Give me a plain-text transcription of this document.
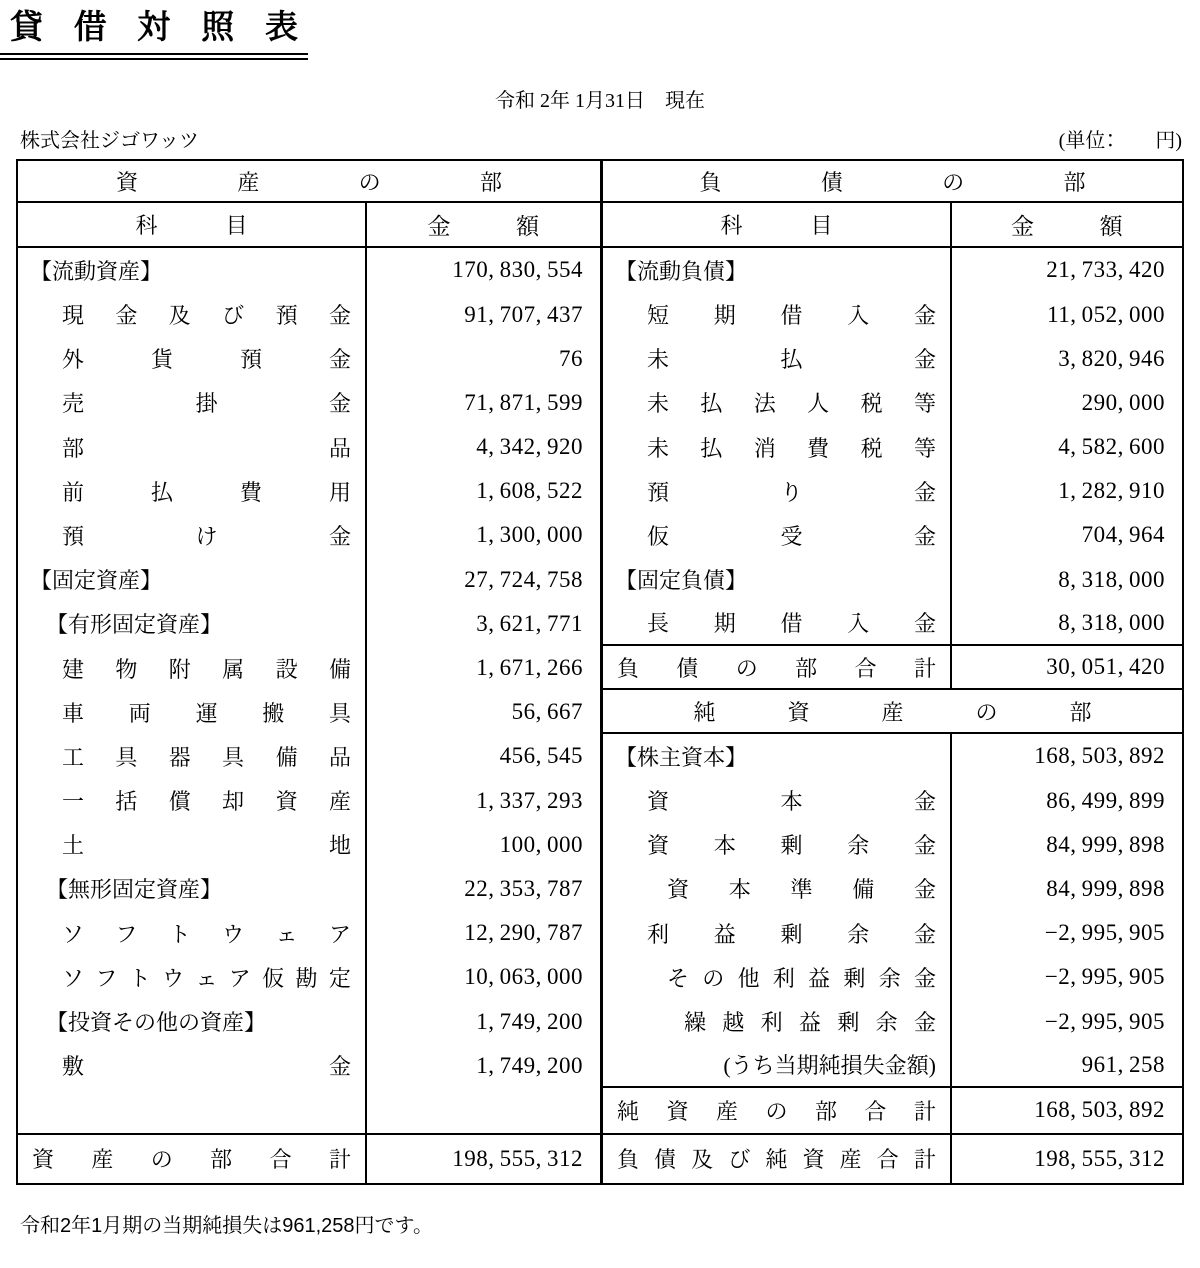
貸 借 対 照 表
令和 2年 1月31日　現在
株式会社ジゴワッツ	(単位：　　円)
資	産	の	部
科	目	金	額
【流動資産】	170, 830, 554
現 金 及 び 預 金	91, 707, 437
外	貨	預	金	76
売	掛	金	71, 871, 599
部	品	4, 342, 920
前	払	費	用	1, 608, 522
預	け	金	1, 300, 000
【固定資産】	27, 724, 758
【有形固定資産】	3, 621, 771
建 物 附 属 設 備	1, 671, 266
車 両 運 搬 具	56, 667
工 具 器 具 備 品	456, 545
一 括 償 却 資 産	1, 337, 293
土	地	100, 000
【無形固定資産】	22, 353, 787
ソ フ ト ウ ェ ア	12, 290, 787
ソ フ ト ウ ェ ア 仮 勘 定	10, 063, 000
【投資その他の資産】	1, 749, 200
敷	金	1, 749, 200
資 産 の 部 合 計	198, 555, 312
負	債	の	部
科	目	金	額
【流動負債】	21, 733, 420
短 期 借 入 金	11, 052, 000
未	払	金	3, 820, 946
未 払 法 人 税 等	290, 000
未 払 消 費 税 等	4, 582, 600
預	り	金	1, 282, 910
仮	受	金	704, 964
【固定負債】	8, 318, 000
長 期 借 入 金	8, 318, 000
負 債 の 部 合 計	30, 051, 420
純	資	産	の	部
【株主資本】	168, 503, 892
資	本	金	86, 499, 899
資 本 剰 余 金	84, 999, 898
資 本 準 備 金	84, 999, 898
利 益 剰 余 金	−2, 995, 905
そ の 他 利 益 剰 余 金	−2, 995, 905
繰 越 利 益 剰 余 金	−2, 995, 905
(うち当期純損失金額)	961, 258
純 資 産 の 部 合 計	168, 503, 892
負 債 及 び 純 資 産 合 計	198, 555, 312
令和2年1月期の当期純損失は961,258円です。
